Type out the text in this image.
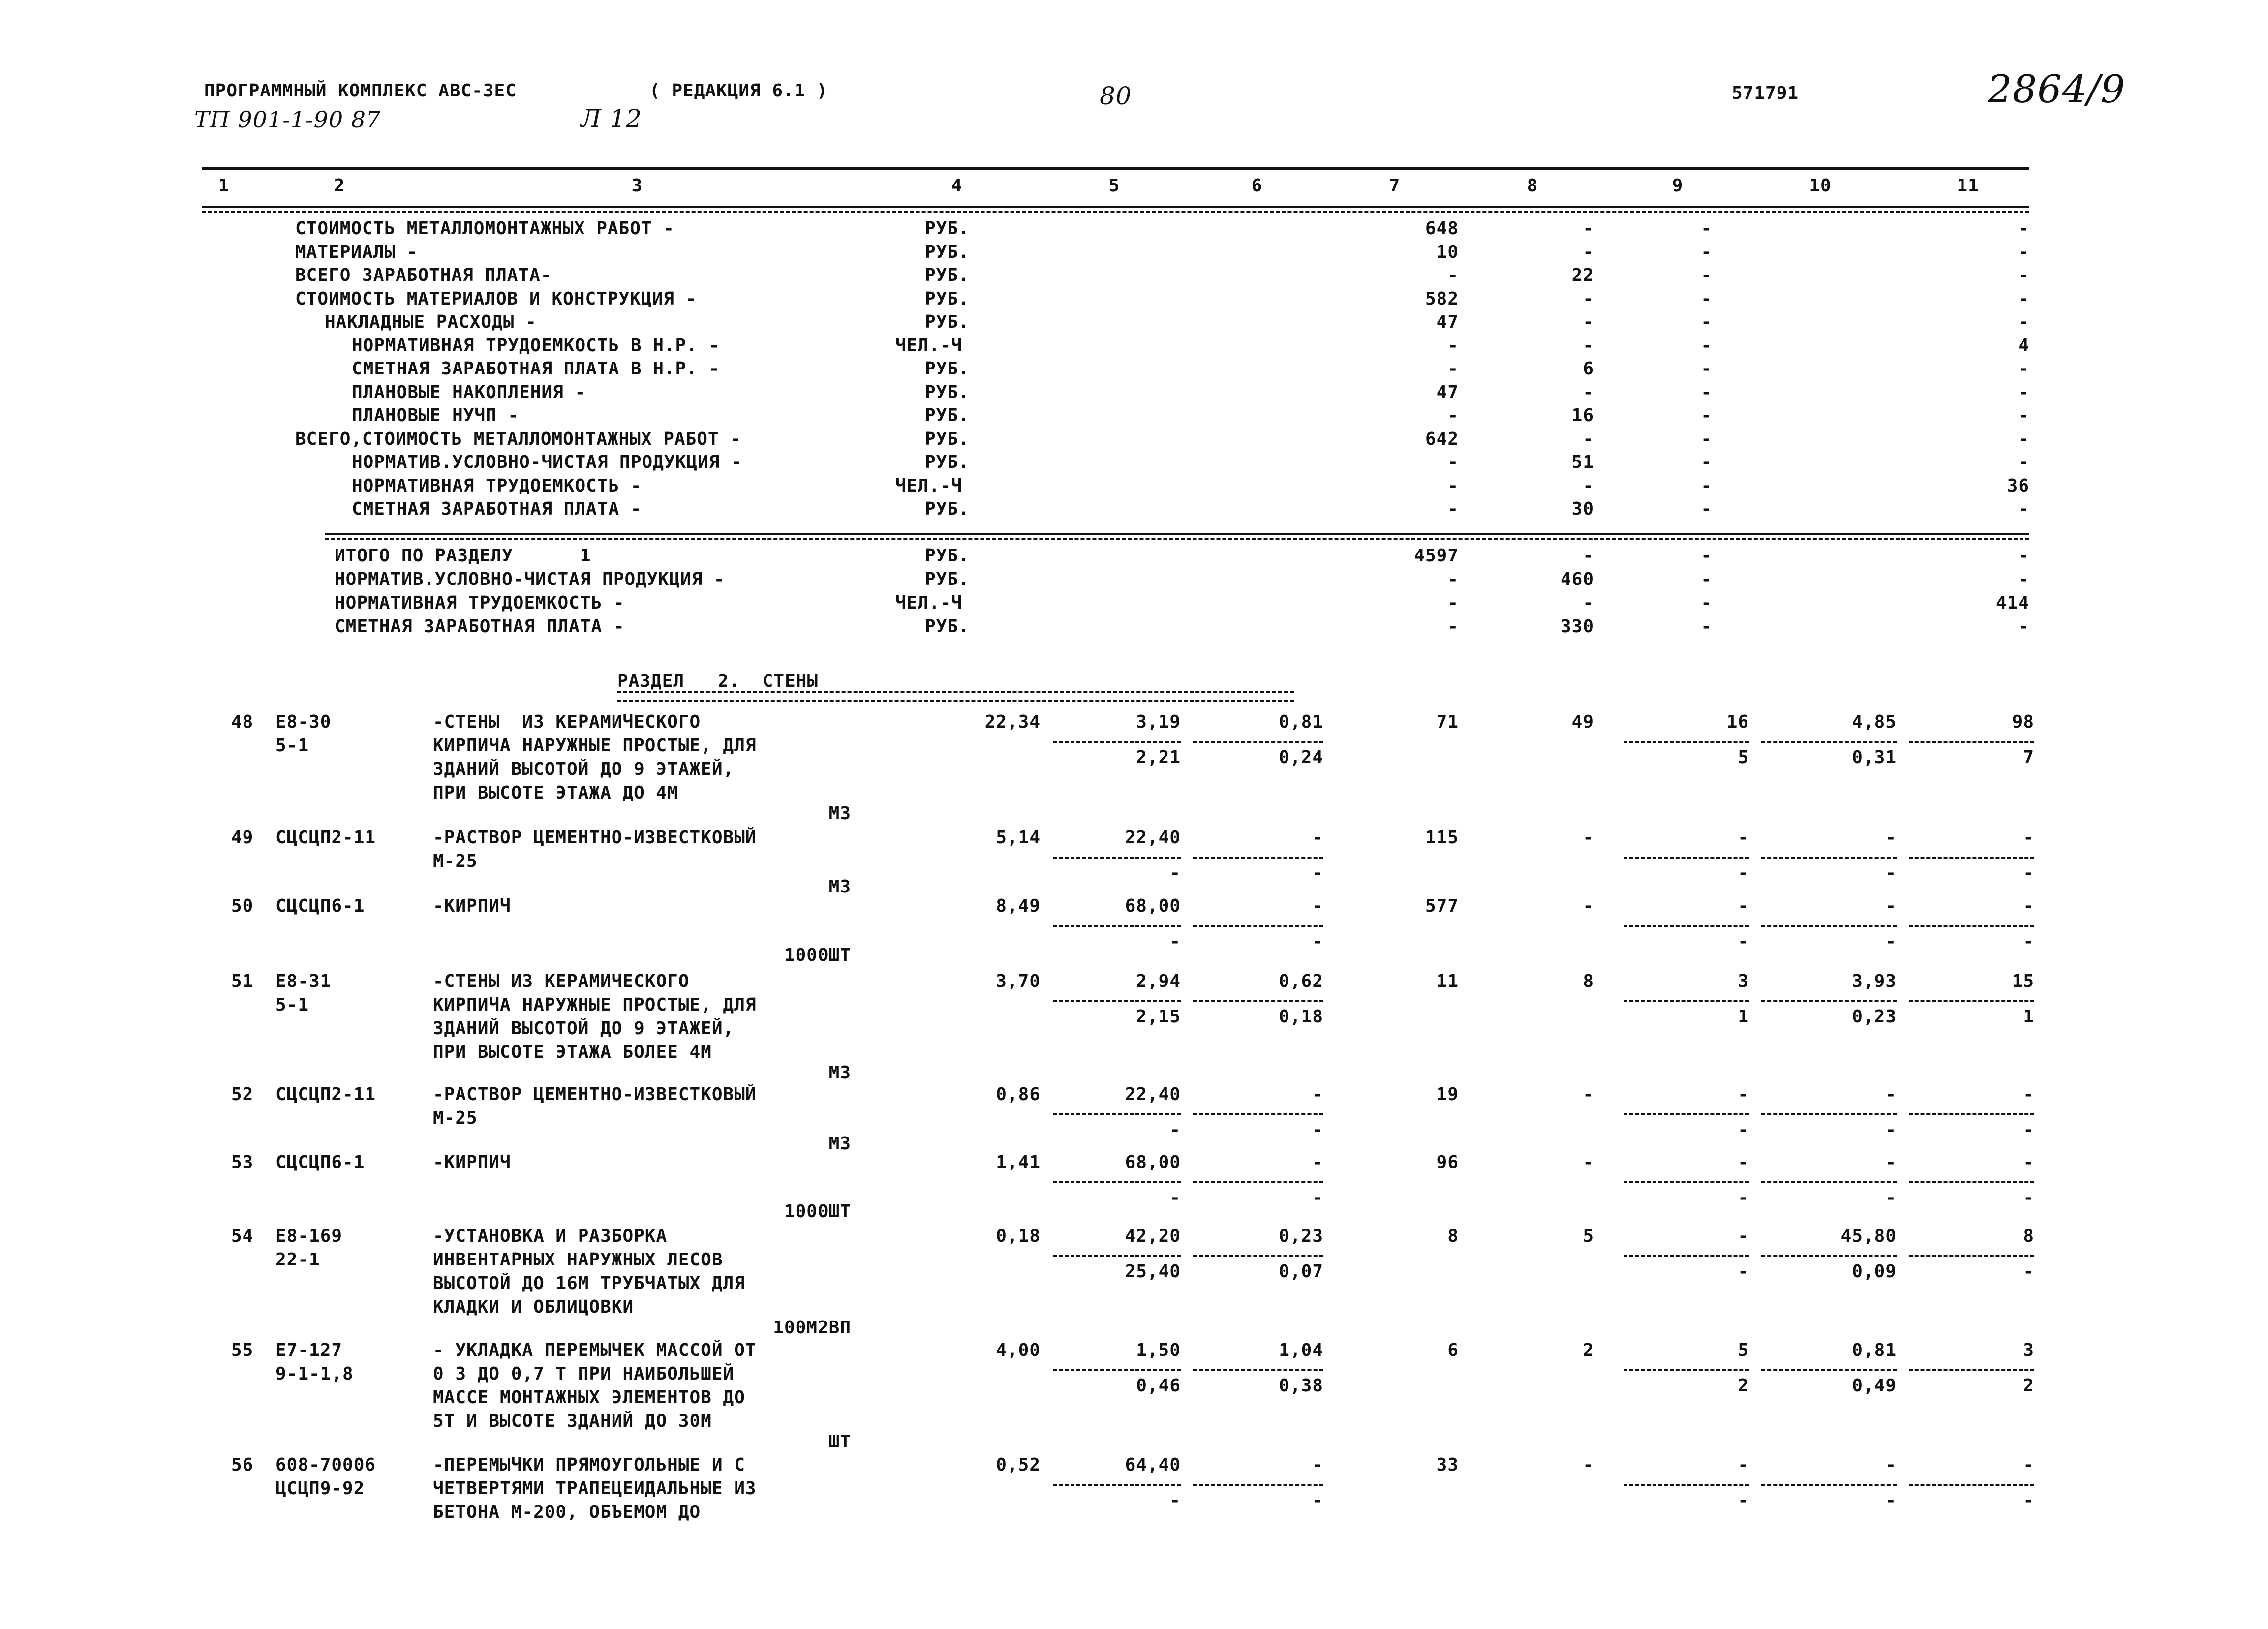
ПРОГРАММНЫЙ КОМПЛЕКС АВС-3ЕС	( РЕДАКЦИЯ 6.1 )	80	571791	2864/9
ТП 901-1-90 87	Л 12
1	2	3	4	5	6	7	8	9	10	11
СТОИМОСТЬ МЕТАЛЛОМОНТАЖНЫХ РАБОТ -	РУБ.	648	-	-	-
МАТЕРИАЛЫ -	РУБ.	10	-	-	-
ВСЕГО ЗАРАБОТНАЯ ПЛАТА-	РУБ.	-	22	-	-
СТОИМОСТЬ МАТЕРИАЛОВ И КОНСТРУКЦИЯ -	РУБ.	582	-	-	-
НАКЛАДНЫЕ РАСХОДЫ -	РУБ.	47	-	-	-
НОРМАТИВНАЯ ТРУДОЕМКОСТЬ В Н.Р. -	ЧЕЛ.-Ч	-	-	-	4
СМЕТНАЯ ЗАРАБОТНАЯ ПЛАТА В Н.Р. -	РУБ.	-	6	-	-
ПЛАНОВЫЕ НАКОПЛЕНИЯ -	РУБ.	47	-	-	-
ПЛАНОВЫЕ НУЧП -	РУБ.	-	16	-	-
ВСЕГО,СТОИМОСТЬ МЕТАЛЛОМОНТАЖНЫХ РАБОТ -	РУБ.	642	-	-	-
НОРМАТИВ.УСЛОВНО-ЧИСТАЯ ПРОДУКЦИЯ -	РУБ.	-	51	-	-
НОРМАТИВНАЯ ТРУДОЕМКОСТЬ -	ЧЕЛ.-Ч	-	-	-	36
СМЕТНАЯ ЗАРАБОТНАЯ ПЛАТА -	РУБ.	-	30	-	-
ИТОГО ПО РАЗДЕЛУ      1	РУБ.	4597	-	-	-
НОРМАТИВ.УСЛОВНО-ЧИСТАЯ ПРОДУКЦИЯ -	РУБ.	-	460	-	-
НОРМАТИВНАЯ ТРУДОЕМКОСТЬ -	ЧЕЛ.-Ч	-	-	-	414
СМЕТНАЯ ЗАРАБОТНАЯ ПЛАТА -	РУБ.	-	330	-	-
РАЗДЕЛ   2.  СТЕНЫ
48 Е8-30
5-1
-СТЕНЫ  ИЗ КЕРАМИЧЕСКОГО
КИРПИЧА НАРУЖНЫЕ ПРОСТЫЕ, ДЛЯ
ЗДАНИЙ ВЫСОТОЙ ДО 9 ЭТАЖЕЙ,
ПРИ ВЫСОТЕ ЭТАЖА ДО 4М
М3
22,34	3,19	0,81	71	49	16	4,85	98
2,21	0,24	5	0,31	7
49 СЦСЦП2-11	-РАСТВОР ЦЕМЕНТНО-ИЗВЕСТКОВЫЙ
М-25
М3
5,14	22,40	-	115	-	-	-	-
-	-	-	-	-
50 СЦСЦП6-1	-КИРПИЧ
1000ШТ
8,49	68,00	-	577	-	-	-	-
-	-	-	-	-
51 Е8-31
5-1
-СТЕНЫ ИЗ КЕРАМИЧЕСКОГО
КИРПИЧА НАРУЖНЫЕ ПРОСТЫЕ, ДЛЯ
ЗДАНИЙ ВЫСОТОЙ ДО 9 ЭТАЖЕЙ,
ПРИ ВЫСОТЕ ЭТАЖА БОЛЕЕ 4М
М3
3,70	2,94	0,62	11	8	3	3,93	15
2,15	0,18	1	0,23	1
52 СЦСЦП2-11	-РАСТВОР ЦЕМЕНТНО-ИЗВЕСТКОВЫЙ
М-25
М3
0,86	22,40	-	19	-	-	-	-
-	-	-	-	-
53 СЦСЦП6-1	-КИРПИЧ
1000ШТ
1,41	68,00	-	96	-	-	-	-
-	-	-	-	-
54 Е8-169
22-1
-УСТАНОВКА И РАЗБОРКА
ИНВЕНТАРНЫХ НАРУЖНЫХ ЛЕСОВ
ВЫСОТОЙ ДО 16М ТРУБЧАТЫХ ДЛЯ
КЛАДКИ И ОБЛИЦОВКИ
100М2ВП
0,18	42,20	0,23	8	5	-	45,80	8
25,40	0,07	-	0,09	-
55 Е7-127
9-1-1,8
- УКЛАДКА ПЕРЕМЫЧЕК МАССОЙ ОТ
0 3 ДО 0,7 Т ПРИ НАИБОЛЬШЕЙ
МАССЕ МОНТАЖНЫХ ЭЛЕМЕНТОВ ДО
5Т И ВЫСОТЕ ЗДАНИЙ ДО 30М
ШТ
4,00	1,50	1,04	6	2	5	0,81	3
0,46	0,38	2	0,49	2
56 608-70006
ЦСЦП9-92
-ПЕРЕМЫЧКИ ПРЯМОУГОЛЬНЫЕ И С
ЧЕТВЕРТЯМИ ТРАПЕЦЕИДАЛЬНЫЕ ИЗ
БЕТОНА М-200, ОБЪЕМОМ ДО
0,52	64,40	-	33	-	-	-	-
-	-	-	-	-
